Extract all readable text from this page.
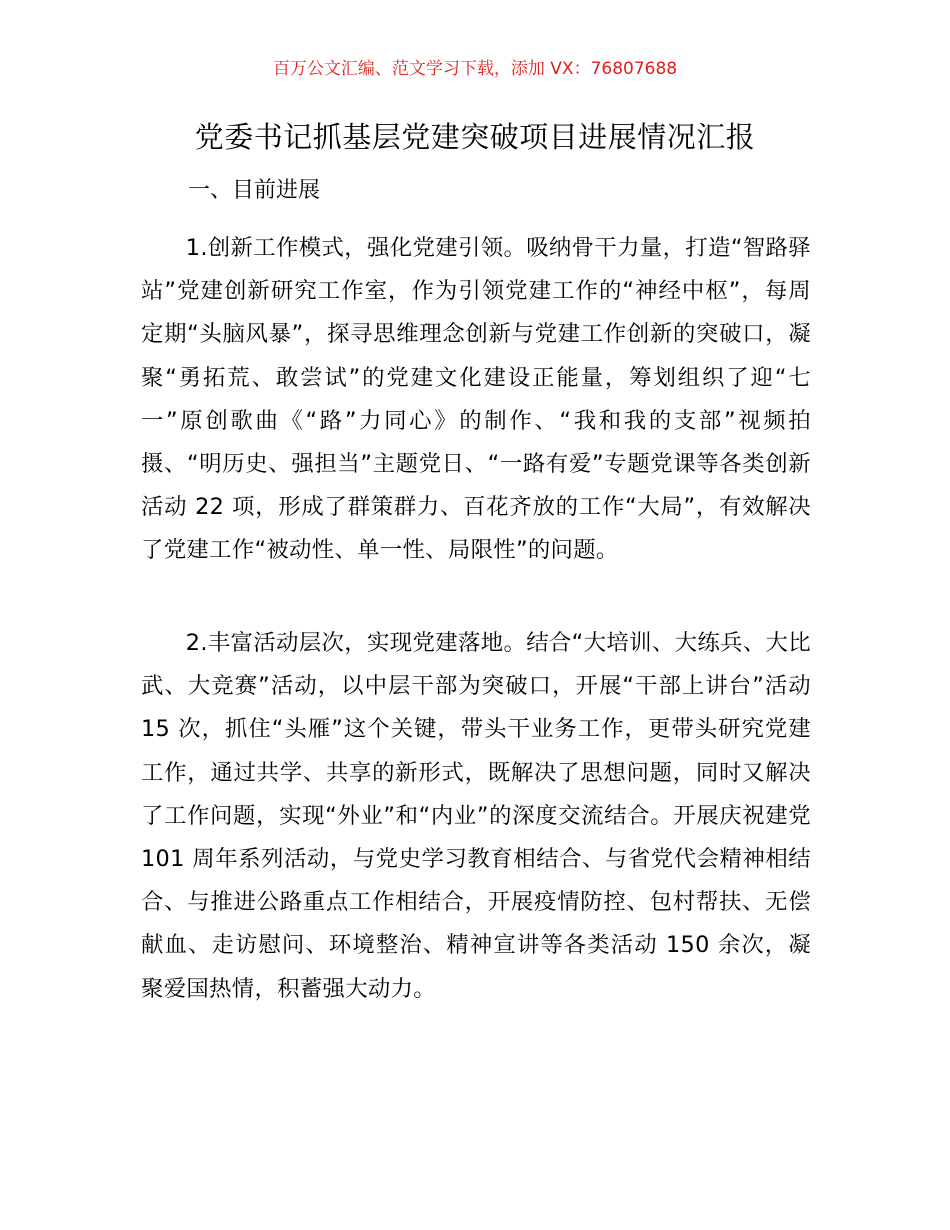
百万公文汇编、范文学习下载，添加 VX：76807688
党委书记抓基层党建突破项目进展情况汇报
一、目前进展

1.创新工作模式，强化党建引领。吸纳骨干力量，打造“智路驿站”党建创新研究工作室，作为引领党建工作的“神经中枢”，每周定期“头脑风暴”，探寻思维理念创新与党建工作创新的突破口，凝聚“勇拓荒、敢尝试”的党建文化建设正能量，筹划组织了迎“七一”原创歌曲《“路”力同心》的制作、“我和我的支部”视频拍摄、“明历史、强担当”主题党日、“一路有爱”专题党课等各类创新活动 22 项，形成了群策群力、百花齐放的工作“大局”，有效解决了党建工作“被动性、单一性、局限性”的问题。

2.丰富活动层次，实现党建落地。结合“大培训、大练兵、大比武、大竞赛”活动，以中层干部为突破口，开展“干部上讲台”活动 15 次，抓住“头雁”这个关键，带头干业务工作，更带头研究党建工作，通过共学、共享的新形式，既解决了思想问题，同时又解决了工作问题，实现“外业”和“内业”的深度交流结合。开展庆祝建党 101 周年系列活动，与党史学习教育相结合、与省党代会精神相结合、与推进公路重点工作相结合，开展疫情防控、包村帮扶、无偿献血、走访慰问、环境整治、精神宣讲等各类活动 150 余次，凝聚爱国热情，积蓄强大动力。
